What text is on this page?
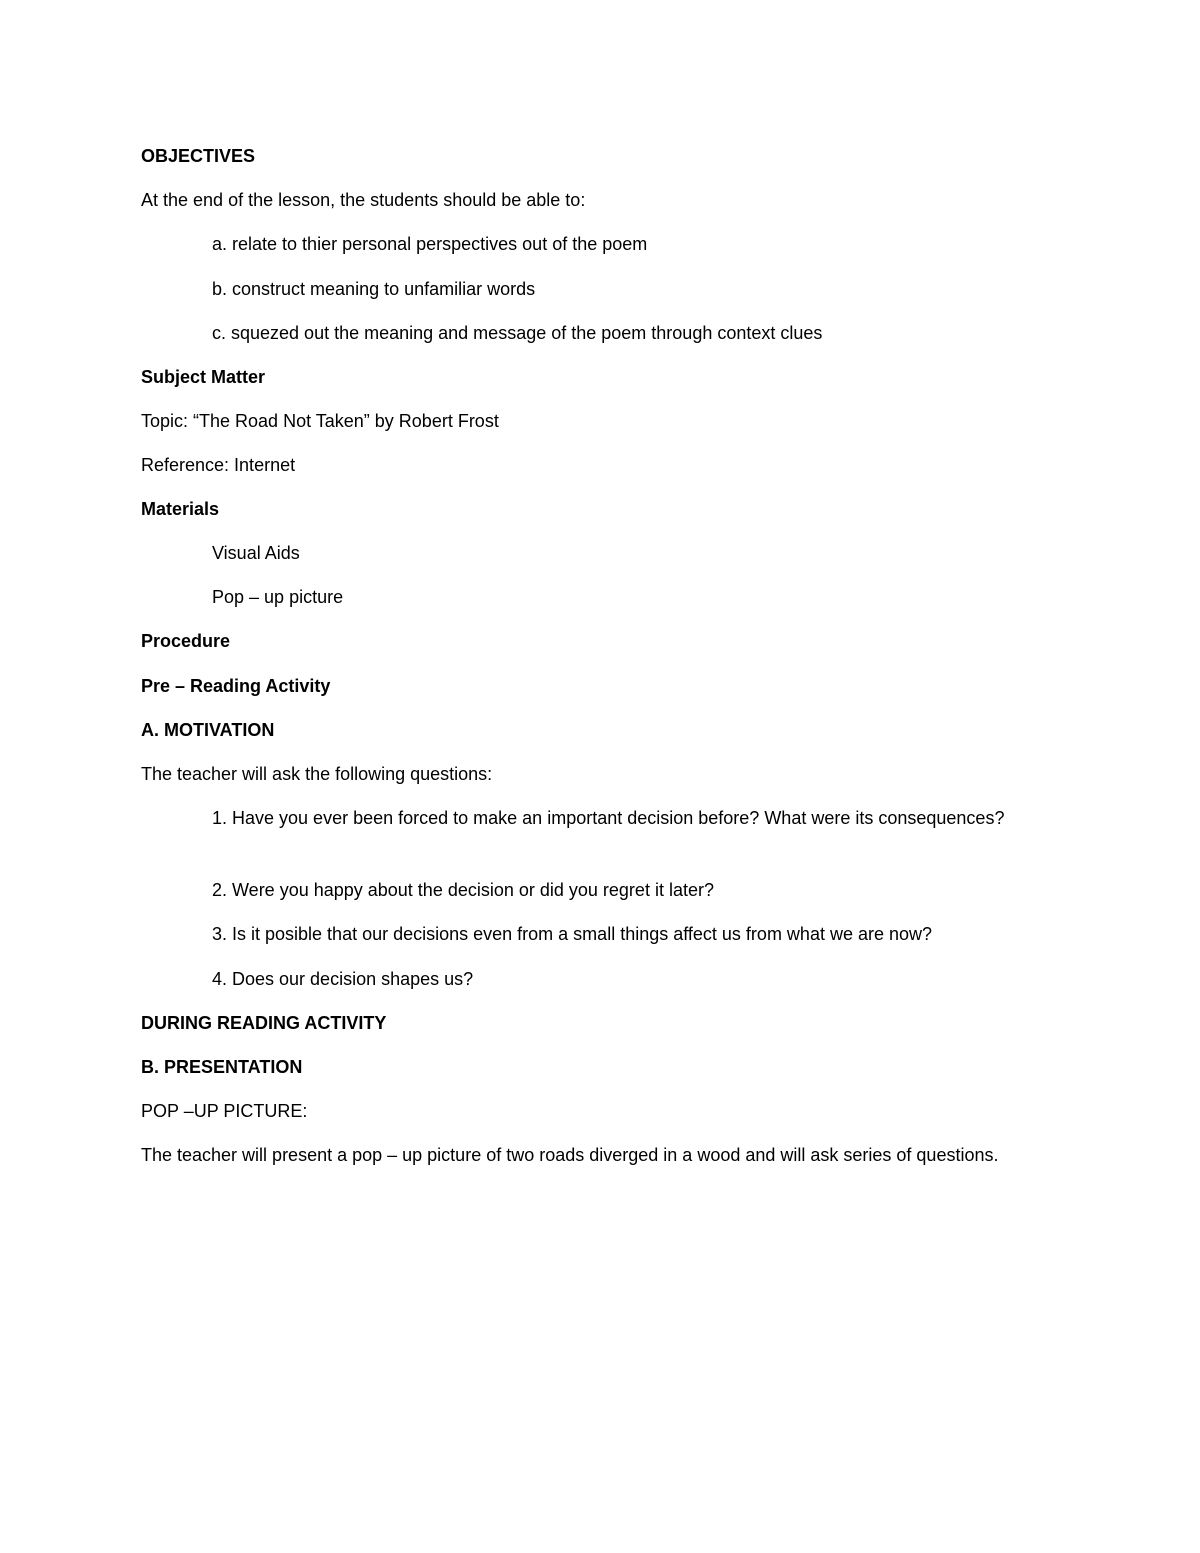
OBJECTIVES
At the end of the lesson, the students should be able to:
a. relate to thier personal perspectives out of the poem
b. construct meaning to unfamiliar words
c. squezed out the meaning and message of the poem through context clues
Subject Matter
Topic: “The Road Not Taken” by Robert Frost
Reference: Internet
Materials
Visual Aids
Pop – up picture
Procedure
Pre – Reading Activity
A. MOTIVATION
The teacher will ask the following questions:
1. Have you ever been forced to make an important decision before? What were its consequences?
2. Were you happy about the decision or did you regret it later?
3. Is it posible that our decisions even from a small things affect us from what we are now?
4. Does our decision shapes us?
DURING READING ACTIVITY
B. PRESENTATION
POP –UP PICTURE:
The teacher will present a pop – up picture of two roads diverged in a wood and will ask series of questions.
